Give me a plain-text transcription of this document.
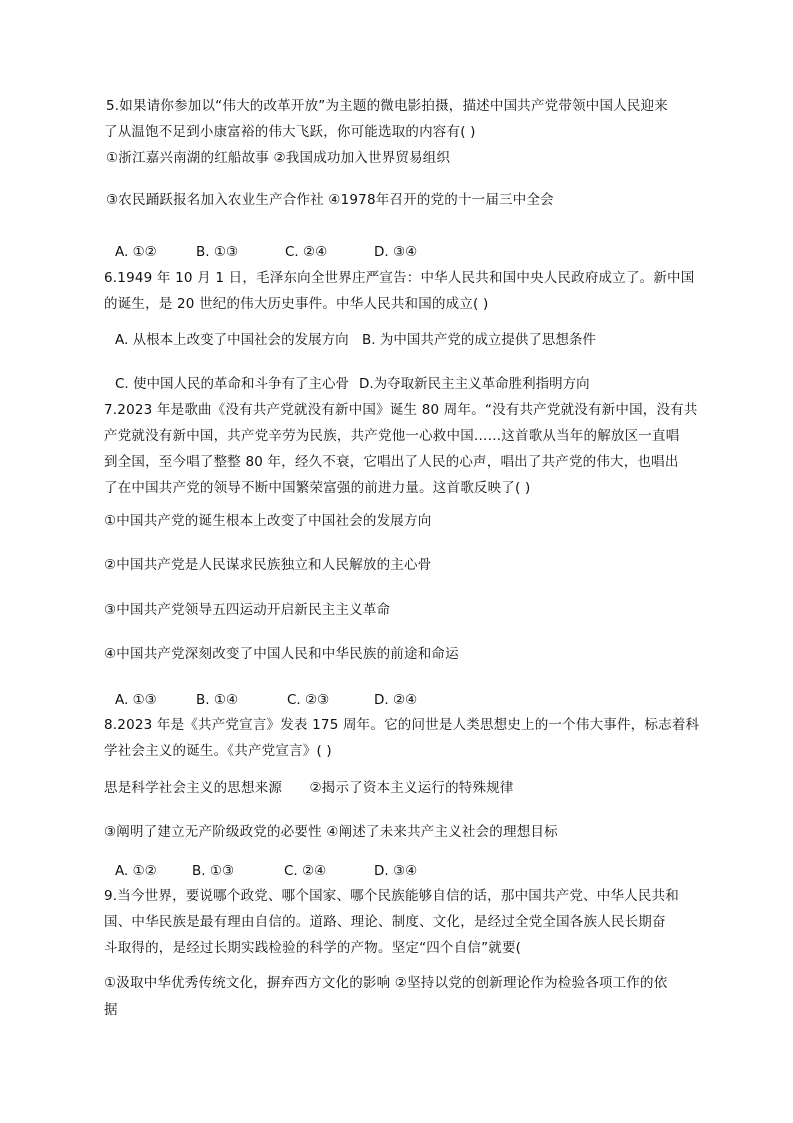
5.如果请你参加以“伟大的改革开放”为主题的微电影拍摄，描述中国共产党带领中国人民迎来
了从温饱不足到小康富裕的伟大飞跃，你可能选取的内容有( )
①浙江嘉兴南湖的红船故事 ②我国成功加入世界贸易组织
③农民踊跃报名加入农业生产合作社 ④1978年召开的党的十一届三中全会
A. ①②	B. ①③	C. ②④	D. ③④
6.1949 年 10 月 1 日，毛泽东向全世界庄严宣告：中华人民共和国中央人民政府成立了。新中国
的诞生，是 20 世纪的伟大历史事件。中华人民共和国的成立( )
A. 从根本上改变了中国社会的发展方向 B. 为中国共产党的成立提供了思想条件
C. 使中国人民的革命和斗争有了主心骨 D.为夺取新民主主义革命胜利指明方向
7.2023 年是歌曲《没有共产党就没有新中国》诞生 80 周年。“没有共产党就没有新中国，没有共
产党就没有新中国，共产党辛劳为民族，共产党他一心救中国……这首歌从当年的解放区一直唱
到全国，至今唱了整整 80 年，经久不衰，它唱出了人民的心声，唱出了共产党的伟大，也唱出
了在中国共产党的领导不断中国繁荣富强的前进力量。这首歌反映了( )
①中国共产党的诞生根本上改变了中国社会的发展方向
②中国共产党是人民谋求民族独立和人民解放的主心骨
③中国共产党领导五四运动开启新民主主义革命
④中国共产党深刻改变了中国人民和中华民族的前途和命运
A. ①③	B. ①④	C. ②③	D. ②④
8.2023 年是《共产党宣言》发表 175 周年。它的问世是人类思想史上的一个伟大事件，标志着科
学社会主义的诞生。《共产党宣言》( )
思是科学社会主义的思想来源　　②揭示了资本主义运行的特殊规律
③阐明了建立无产阶级政党的必要性 ④阐述了未来共产主义社会的理想目标
A. ①②	B. ①③	C. ②④	D. ③④
9.当今世界，要说哪个政党、哪个国家、哪个民族能够自信的话，那中国共产党、中华人民共和
国、中华民族是最有理由自信的。道路、理论、制度、文化，是经过全党全国各族人民长期奋
斗取得的，是经过长期实践检验的科学的产物。坚定“四个自信”就要(
①汲取中华优秀传统文化，摒弃西方文化的影响 ②坚持以党的创新理论作为检验各项工作的依
据
